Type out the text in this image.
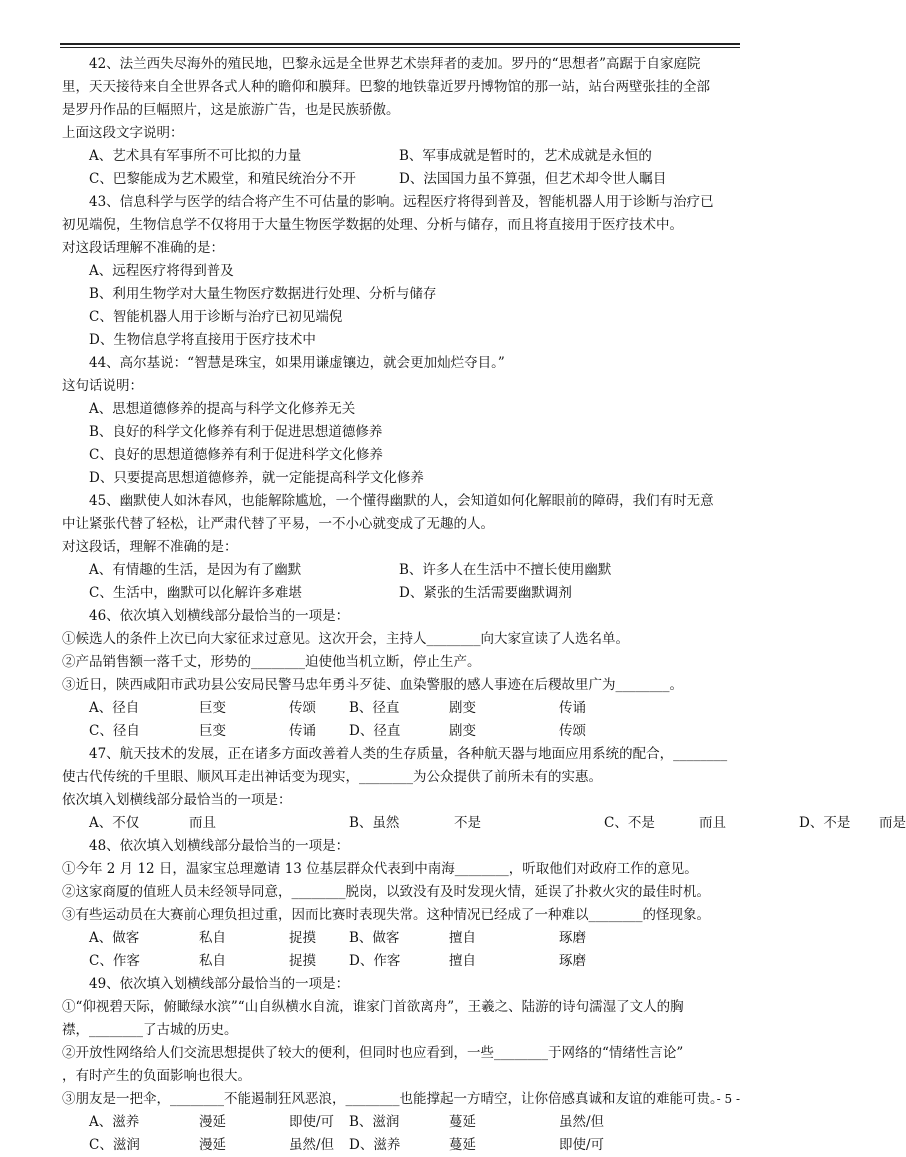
42、法兰西失尽海外的殖民地，巴黎永远是全世界艺术崇拜者的麦加。罗丹的“思想者”高踞于自家庭院
里，天天接待来自全世界各式人种的瞻仰和膜拜。巴黎的地铁靠近罗丹博物馆的那一站，站台两壁张挂的全部
是罗丹作品的巨幅照片，这是旅游广告，也是民族骄傲。
上面这段文字说明：
A、艺术具有军事所不可比拟的力量	B、军事成就是暂时的，艺术成就是永恒的
C、巴黎能成为艺术殿堂，和殖民统治分不开	D、法国国力虽不算强，但艺术却令世人瞩目
43、信息科学与医学的结合将产生不可估量的影响。远程医疗将得到普及，智能机器人用于诊断与治疗已
初见端倪，生物信息学不仅将用于大量生物医学数据的处理、分析与储存，而且将直接用于医疗技术中。
对这段话理解不准确的是：
A、远程医疗将得到普及
B、利用生物学对大量生物医疗数据进行处理、分析与储存
C、智能机器人用于诊断与治疗已初见端倪
D、生物信息学将直接用于医疗技术中
44、高尔基说：“智慧是珠宝，如果用谦虚镶边，就会更加灿烂夺目。”
这句话说明：
A、思想道德修养的提高与科学文化修养无关
B、良好的科学文化修养有利于促进思想道德修养
C、良好的思想道德修养有利于促进科学文化修养
D、只要提高思想道德修养，就一定能提高科学文化修养
45、幽默使人如沐春风，也能解除尴尬，一个懂得幽默的人，会知道如何化解眼前的障碍，我们有时无意
中让紧张代替了轻松，让严肃代替了平易，一不小心就变成了无趣的人。
对这段话，理解不准确的是：
A、有情趣的生活，是因为有了幽默	B、许多人在生活中不擅长使用幽默
C、生活中，幽默可以化解许多难堪	D、紧张的生活需要幽默调剂
46、依次填入划横线部分最恰当的一项是：
①候选人的条件上次已向大家征求过意见。这次开会，主持人________向大家宣读了人选名单。
②产品销售额一落千丈，形势的________迫使他当机立断，停止生产。
③近日，陕西咸阳市武功县公安局民警马忠年勇斗歹徒、血染警服的感人事迹在后稷故里广为________。
A、径自	巨变	传颂 B、径直	剧变	传诵
C、径自	巨变	传诵 D、径直	剧变	传颂
47、航天技术的发展，正在诸多方面改善着人类的生存质量，各种航天器与地面应用系统的配合，________
使古代传统的千里眼、顺风耳走出神话变为现实，________为公众提供了前所未有的实惠。
依次填入划横线部分最恰当的一项是：
A、不仅	而且	B、虽然	不是	C、不是	而且	D、不是 而是
48、依次填入划横线部分最恰当的一项是：
①今年 2 月 12 日，温家宝总理邀请 13 位基层群众代表到中南海________，听取他们对政府工作的意见。
②这家商厦的值班人员未经领导同意，________脱岗，以致没有及时发现火情，延误了扑救火灾的最佳时机。
③有些运动员在大赛前心理负担过重，因而比赛时表现失常。这种情况已经成了一种难以________的怪现象。
A、做客	私自	捉摸 B、做客	擅自	琢磨
C、作客	私自	捉摸 D、作客	擅自	琢磨
49、依次填入划横线部分最恰当的一项是：
①“仰视碧天际，俯瞰绿水滨”“山自纵横水自流，谁家门首欲离舟”，王羲之、陆游的诗句濡湿了文人的胸
襟，________了古城的历史。
②开放性网络给人们交流思想提供了较大的便利，但同时也应看到，一些________于网络的“情绪性言论”
，有时产生的负面影响也很大。
③朋友是一把伞，________不能遏制狂风恶浪，________也能撑起一方晴空，让你倍感真诚和友谊的难能可贵。
A、滋养	漫延	即使/可 B、滋润	蔓延	虽然/但
C、滋润	漫延	虽然/但 D、滋养	蔓延	即使/可
- 5 -
